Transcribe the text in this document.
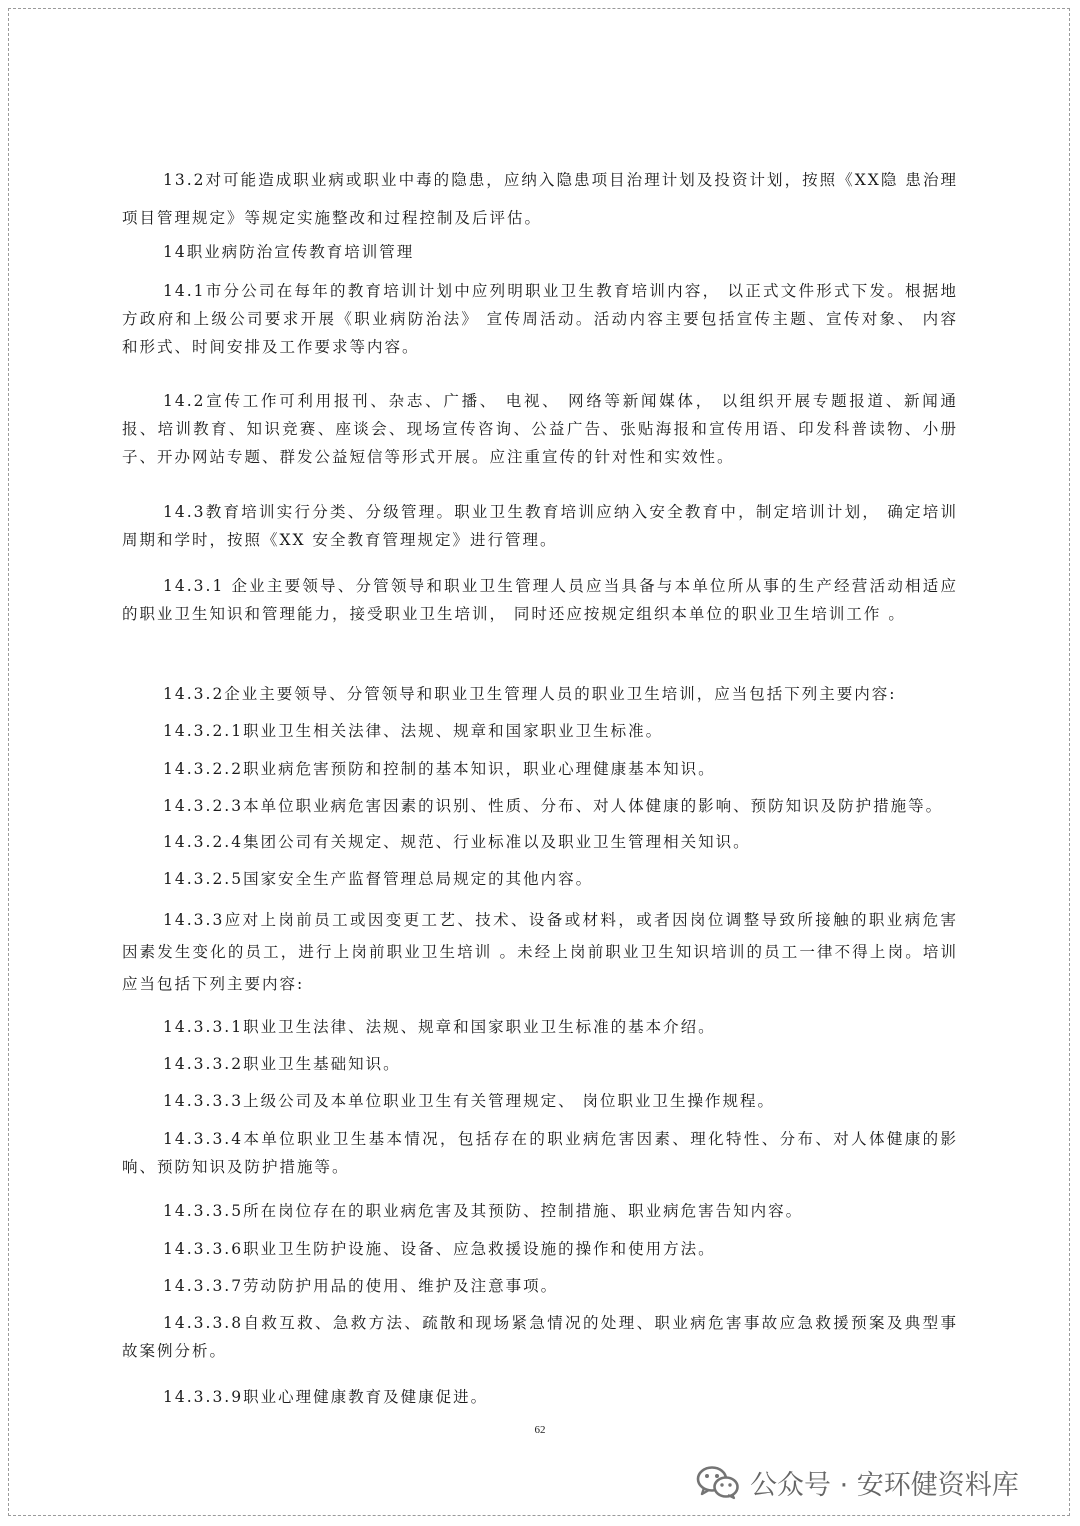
13.2对可能造成职业病或职业中毒的隐患，应纳入隐患项目治理计划及投资计划，按照《XX隐 患治理项目管理规定》等规定实施整改和过程控制及后评估。

14职业病防治宣传教育培训管理

14.1市分公司在每年的教育培训计划中应列明职业卫生教育培训内容， 以正式文件形式下发。根据地方政府和上级公司要求开展《职业病防治法》 宣传周活动。活动内容主要包括宣传主题、宣传对象、 内容和形式、时间安排及工作要求等内容。

14.2宣传工作可利用报刊、杂志、广播、 电视、 网络等新闻媒体， 以组织开展专题报道、新闻通报、培训教育、知识竞赛、座谈会、现场宣传咨询、公益广告、张贴海报和宣传用语、印发科普读物、小册子、开办网站专题、群发公益短信等形式开展。应注重宣传的针对性和实效性。

14.3教育培训实行分类、分级管理。职业卫生教育培训应纳入安全教育中，制定培训计划， 确定培训周期和学时，按照《XX 安全教育管理规定》进行管理。

14.3.1 企业主要领导、分管领导和职业卫生管理人员应当具备与本单位所从事的生产经营活动相适应的职业卫生知识和管理能力，接受职业卫生培训， 同时还应按规定组织本单位的职业卫生培训工作 。

14.3.2企业主要领导、分管领导和职业卫生管理人员的职业卫生培训，应当包括下列主要内容:

14.3.2.1职业卫生相关法律、法规、规章和国家职业卫生标准。

14.3.2.2职业病危害预防和控制的基本知识，职业心理健康基本知识。

14.3.2.3本单位职业病危害因素的识别、性质、分布、对人体健康的影响、预防知识及防护措施等。

14.3.2.4集团公司有关规定、规范、行业标准以及职业卫生管理相关知识。

14.3.2.5国家安全生产监督管理总局规定的其他内容。

14.3.3应对上岗前员工或因变更工艺、技术、设备或材料，或者因岗位调整导致所接触的职业病危害因素发生变化的员工，进行上岗前职业卫生培训 。未经上岗前职业卫生知识培训的员工一律不得上岗。培训应当包括下列主要内容:

14.3.3.1职业卫生法律、法规、规章和国家职业卫生标准的基本介绍。

14.3.3.2职业卫生基础知识。

14.3.3.3上级公司及本单位职业卫生有关管理规定、 岗位职业卫生操作规程。

14.3.3.4本单位职业卫生基本情况，包括存在的职业病危害因素、理化特性、分布、对人体健康的影响、预防知识及防护措施等。

14.3.3.5所在岗位存在的职业病危害及其预防、控制措施、职业病危害告知内容。

14.3.3.6职业卫生防护设施、设备、应急救援设施的操作和使用方法。

14.3.3.7劳动防护用品的使用、维护及注意事项。

14.3.3.8自救互救、急救方法、疏散和现场紧急情况的处理、职业病危害事故应急救援预案及典型事故案例分析。

14.3.3.9职业心理健康教育及健康促进。

62
公众号 · 安环健资料库
